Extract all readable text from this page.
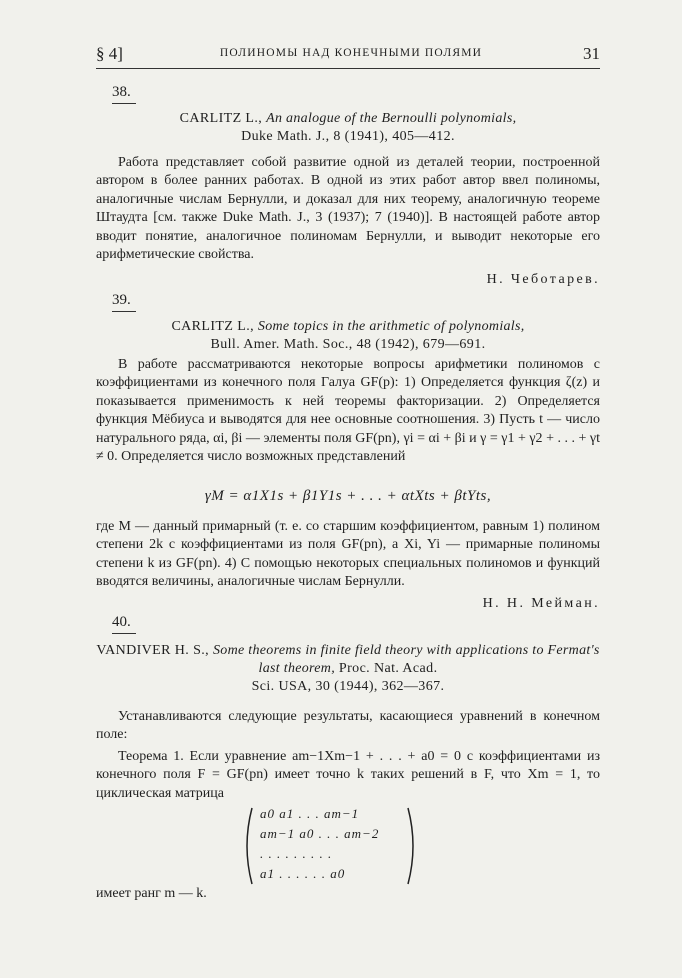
§ 4]	ПОЛИНОМЫ НАД КОНЕЧНЫМИ ПОЛЯМИ	31
38.
CARLITZ L., An analogue of the Bernoulli polynomials,
Duke Math. J., 8 (1941), 405—412.
Работа представляет собой развитие одной из деталей теории, построенной автором в более ранних работах. В одной из этих работ автор ввел полиномы, аналогичные числам Бернулли, и доказал для них теорему, аналогичную теореме Штаудта [см. также Duke Math. J., 3 (1937); 7 (1940)]. В настоящей работе автор вводит понятие, аналогичное полиномам Бернулли, и выводит некоторые его арифметические свойства.
Н. Чеботарев.
39.
CARLITZ L., Some topics in the arithmetic of polynomials,
Bull. Amer. Math. Soc., 48 (1942), 679—691.
В работе рассматриваются некоторые вопросы арифметики полиномов с коэффициентами из конечного поля Галуа GF(p): 1) Определяется функция ζ(z) и показывается применимость к ней теоремы факторизации. 2) Определяется функция Мёбиуса и выводятся для нее основные соотношения. 3) Пусть t — число натурального ряда, αi, βi — элементы поля GF(pn), γi = αi + βi и γ = γ1 + γ2 + . . . + γt ≠ 0. Определяется число возможных представлений
γM = α1X1s + β1Y1s + . . . + αtXts + βtYts,
где M — данный примарный (т. е. со старшим коэффициентом, равным 1) полином степени 2k с коэффициентами из поля GF(pn), а Xi, Yi — примарные полиномы степени k из GF(pn). 4) С помощью некоторых специальных полиномов и функций вводятся величины, аналогичные числам Бернулли.
Н. Н. Мейман.
40.
VANDIVER H. S., Some theorems in finite field theory with applications to Fermat's last theorem, Proc. Nat. Acad.
Sci. USA, 30 (1944), 362—367.
Устанавливаются следующие результаты, касающиеся уравнений в конечном поле:
Теорема 1. Если уравнение am−1Xm−1 + . . . + a0 = 0 с коэффициентами из конечного поля F = GF(pn) имеет точно k таких решений в F, что Xm = 1, то циклическая матрица
a0 a1 . . . am−1
am−1 a0 . . . am−2
. . . . . . . . .
a1 . . . . . . a0
имеет ранг m — k.
